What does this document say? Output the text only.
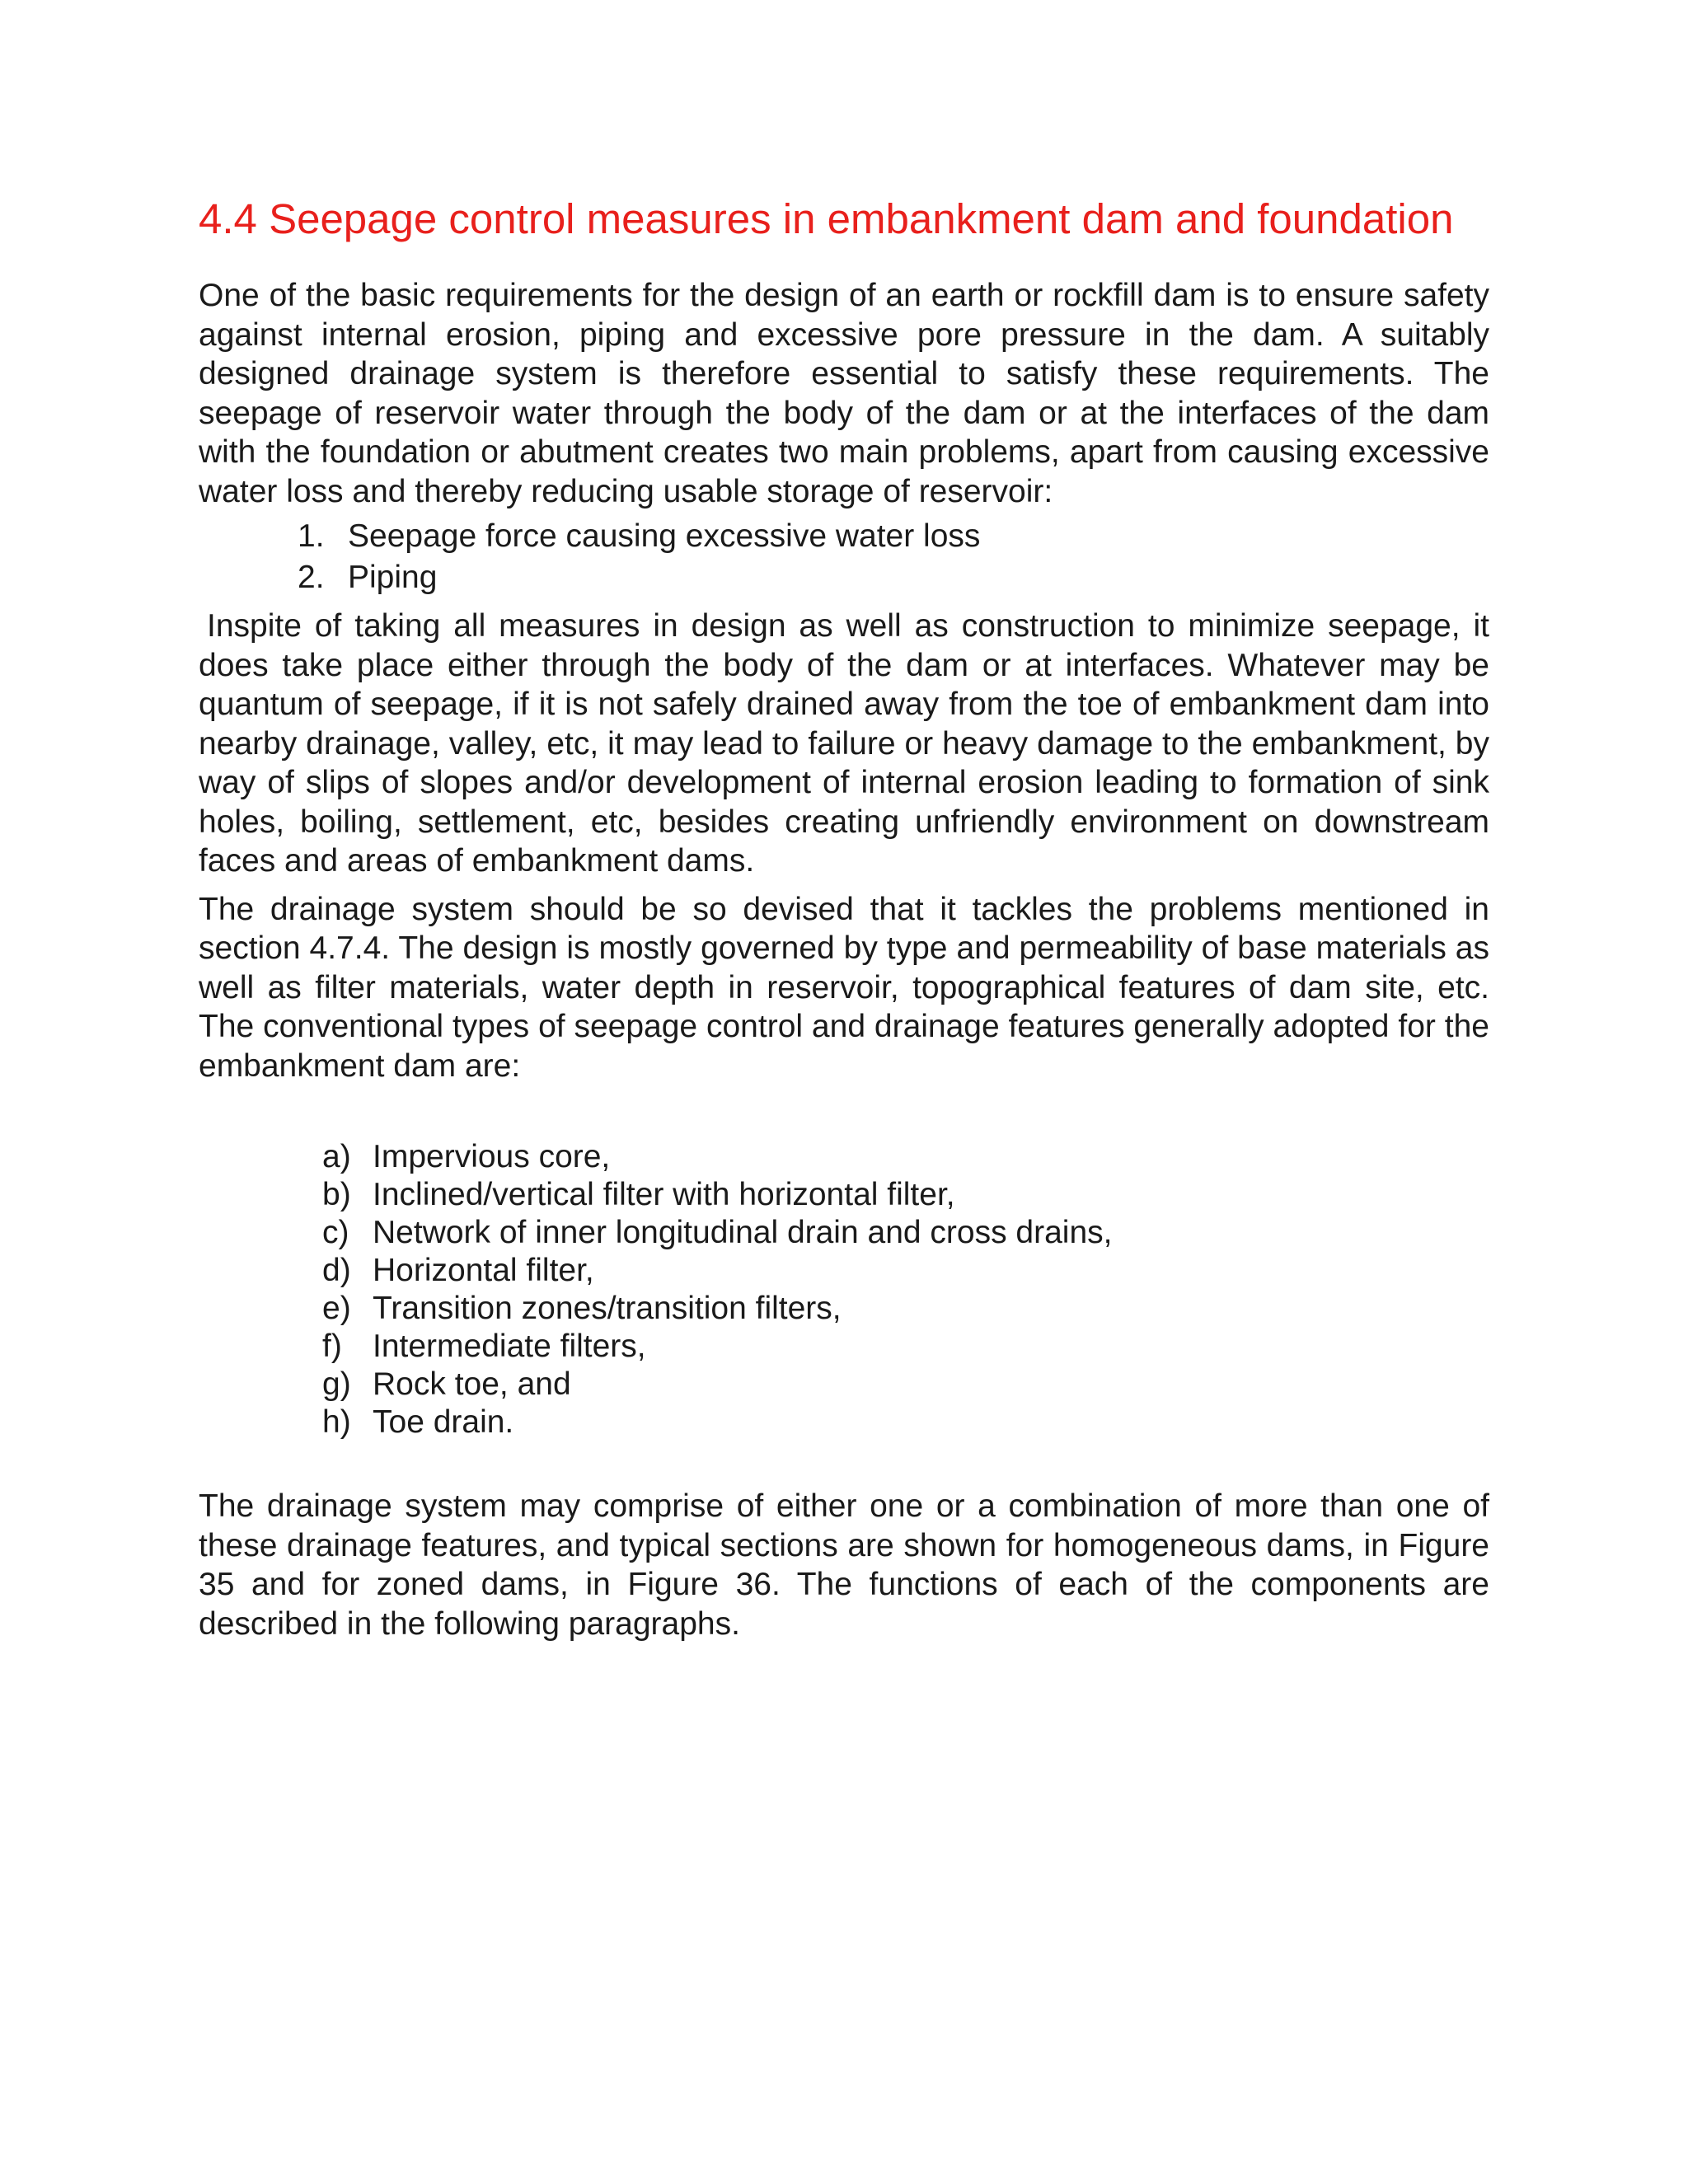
4.4 Seepage control measures in embankment dam and foundation

One of the basic requirements for the design of an earth or rockfill dam is to ensure safety against internal erosion, piping and excessive pore pressure in the dam. A suitably designed drainage system is therefore essential to satisfy these requirements. The seepage of reservoir water through the body of the dam or at the interfaces of the dam with the foundation or abutment creates two main problems, apart from causing excessive water loss and thereby reducing usable storage of reservoir:

1. Seepage force causing excessive water loss
2. Piping

Inspite of taking all measures in design as well as construction to minimize seepage, it does take place either through the body of the dam or at interfaces. Whatever may be quantum of seepage, if it is not safely drained away from the toe of embankment dam into nearby drainage, valley, etc, it may lead to failure or heavy damage to the embankment, by way of slips of slopes and/or development of internal erosion leading to formation of sink holes, boiling, settlement, etc, besides creating unfriendly environment on downstream faces and areas of embankment dams.

The drainage system should be so devised that it tackles the problems mentioned in section 4.7.4. The design is mostly governed by type and permeability of base materials as well as filter materials, water depth in reservoir, topographical features of dam site, etc. The conventional types of seepage control and drainage features generally adopted for the embankment dam are:

a) Impervious core,
b) Inclined/vertical filter with horizontal filter,
c) Network of inner longitudinal drain and cross drains,
d) Horizontal filter,
e) Transition zones/transition filters,
f) Intermediate filters,
g) Rock toe, and
h) Toe drain.

The drainage system may comprise of either one or a combination of more than one of these drainage features, and typical sections are shown for homogeneous dams, in Figure 35 and for zoned dams, in Figure 36. The functions of each of the components are described in the following paragraphs.
